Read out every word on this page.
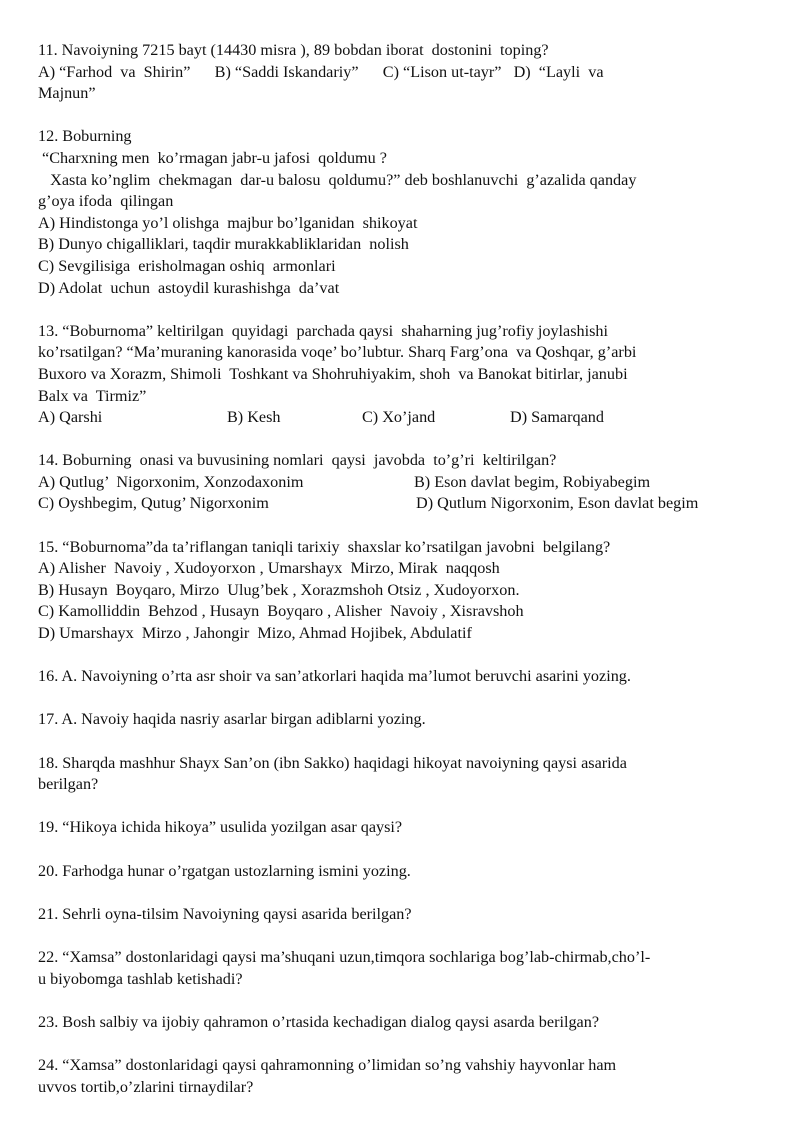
11. Navoiyning 7215 bayt (14430 misra ), 89 bobdan iborat  dostonini  toping?
A) “Farhod  va  Shirin”      B) “Saddi Iskandariy”      C) “Lison ut-tayr”   D)  “Layli  va
Majnun”
12. Boburning
“Charxning men  ko’rmagan jabr-u jafosi  qoldumu ?
Xasta ko’nglim  chekmagan  dar-u balosu  qoldumu?” deb boshlanuvchi  g’azalida qanday
g’oya ifoda  qilingan
A) Hindistonga yo’l olishga  majbur bo’lganidan  shikoyat
B) Dunyo chigalliklari, taqdir murakkabliklaridan  nolish
C) Sevgilisiga  erisholmagan oshiq  armonlari
D) Adolat  uchun  astoydil kurashishga  da’vat
13. “Boburnoma” keltirilgan  quyidagi  parchada qaysi  shaharning jug’rofiy joylashishi
ko’rsatilgan? “Ma’muraning kanorasida voqe’ bo’lubtur. Sharq Farg’ona  va Qoshqar, g’arbi
Buxoro va Xorazm, Shimoli  Toshkant va Shohruhiyakim, shoh  va Banokat bitirlar, janubi
Balx va  Tirmiz”

A) Qarshi

	B) Kesh

	C) Xo’jand

	D) Samarqand

14. Boburning  onasi va buvusining nomlari  qaysi  javobda  to’g’ri  keltirilgan?

A) Qutlug’  Nigorxonim, Xonzodaxonim

	B) Eson davlat begim, Robiyabegim

C) Oyshbegim, Qutug’ Nigorxonim

	D) Qutlum Nigorxonim, Eson davlat begim

15. “Boburnoma”da ta’riflangan taniqli tarixiy  shaxslar ko’rsatilgan javobni  belgilang?
A) Alisher  Navoiy , Xudoyorxon , Umarshayx  Mirzo, Mirak  naqqosh
B) Husayn  Boyqaro, Mirzo  Ulug’bek , Xorazmshoh Otsiz , Xudoyorxon.
C) Kamolliddin  Behzod , Husayn  Boyqaro , Alisher  Navoiy , Xisravshoh
D) Umarshayx  Mirzo , Jahongir  Mizo, Ahmad Hojibek, Abdulatif
16. A. Navoiyning o’rta asr shoir va san’atkorlari haqida ma’lumot beruvchi asarini yozing.
17. A. Navoiy haqida nasriy asarlar birgan adiblarni yozing.
18. Sharqda mashhur Shayx San’on (ibn Sakko) haqidagi hikoyat navoiyning qaysi asarida
berilgan?
19. “Hikoya ichida hikoya” usulida yozilgan asar qaysi?
20. Farhodga hunar o’rgatgan ustozlarning ismini yozing.
21. Sehrli oyna-tilsim Navoiyning qaysi asarida berilgan?
22. “Xamsa” dostonlaridagi qaysi ma’shuqani uzun,timqora sochlariga bog’lab-chirmab,cho’l-
u biyobomga tashlab ketishadi?
23. Bosh salbiy va ijobiy qahramon o’rtasida kechadigan dialog qaysi asarda berilgan?
24. “Xamsa” dostonlaridagi qaysi qahramonning o’limidan so’ng vahshiy hayvonlar ham
uvvos tortib,o’zlarini tirnaydilar?
